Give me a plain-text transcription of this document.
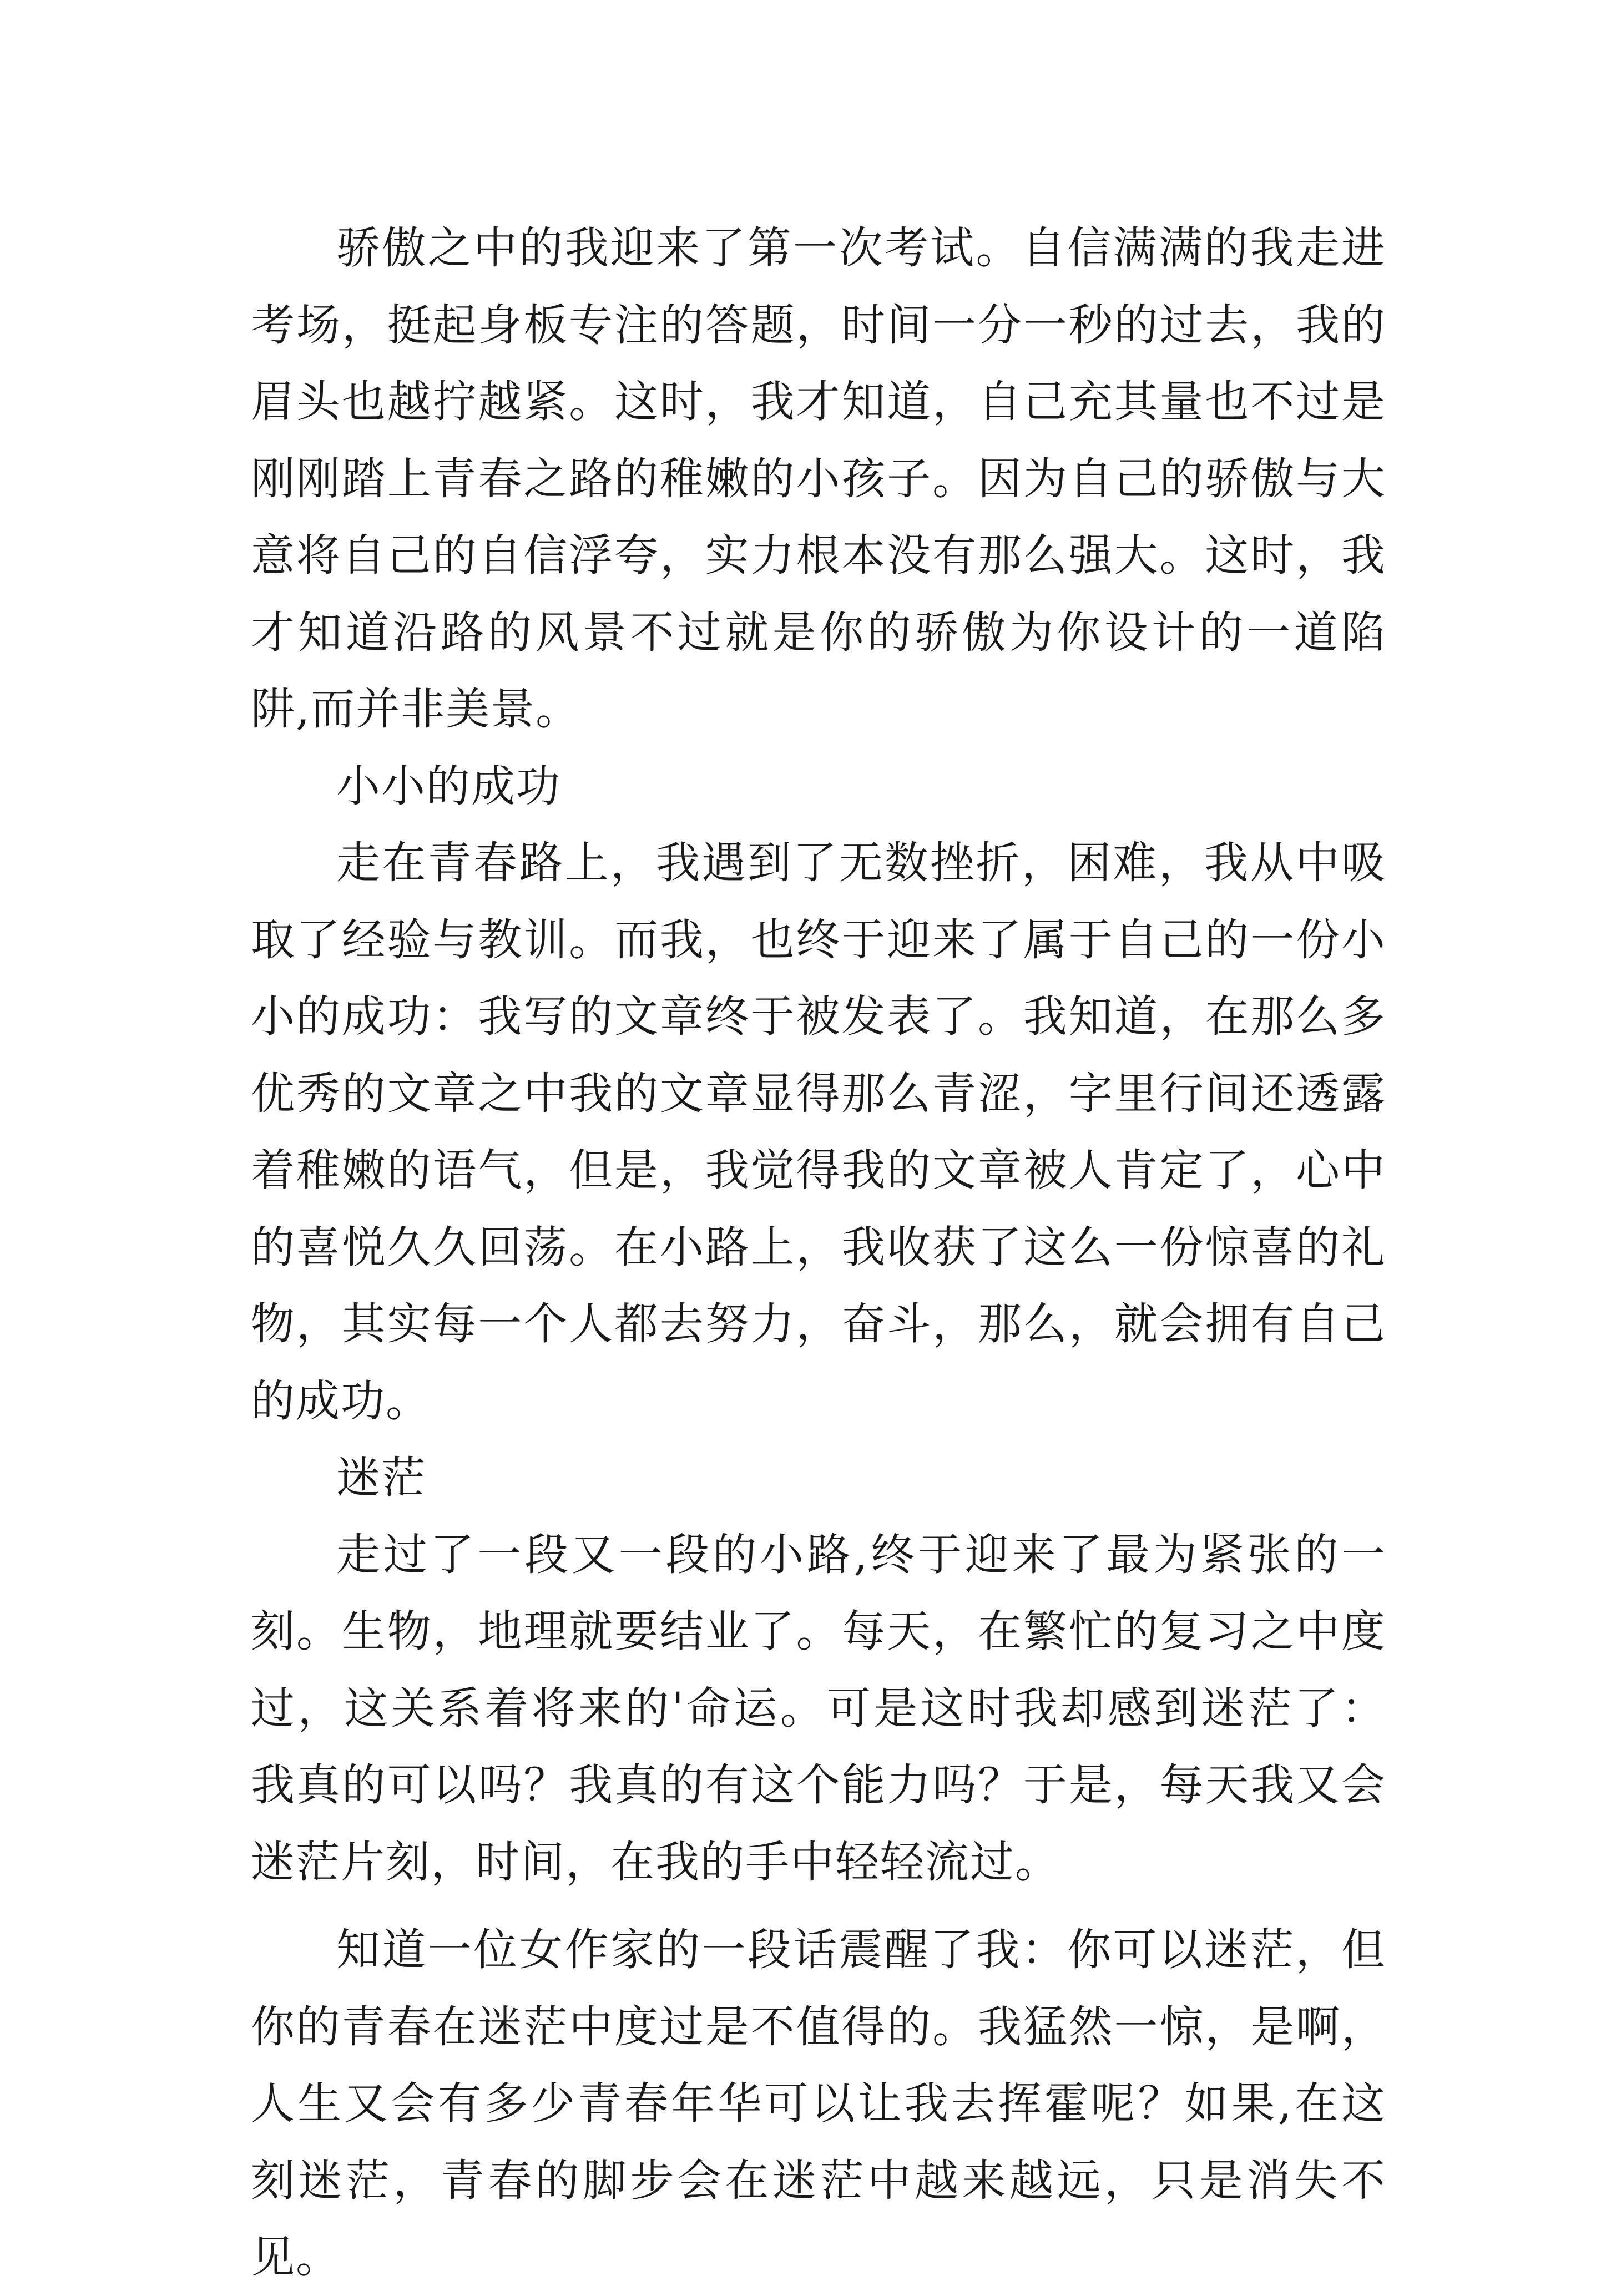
骄傲之中的我迎来了第一次考试。自信满满的我走进考场，挺起身板专注的答题，时间一分一秒的过去，我的眉头也越拧越紧。这时，我才知道，自己充其量也不过是刚刚踏上青春之路的稚嫩的小孩子。因为自己的骄傲与大意将自己的自信浮夸，实力根本没有那么强大。这时，我才知道沿路的风景不过就是你的骄傲为你设计的一道陷阱,而并非美景。

小小的成功

走在青春路上，我遇到了无数挫折，困难，我从中吸取了经验与教训。而我，也终于迎来了属于自己的一份小小的成功：我写的文章终于被发表了。我知道，在那么多优秀的文章之中我的文章显得那么青涩，字里行间还透露着稚嫩的语气，但是，我觉得我的文章被人肯定了，心中的喜悦久久回荡。在小路上，我收获了这么一份惊喜的礼物，其实每一个人都去努力，奋斗，那么，就会拥有自己的成功。

迷茫

走过了一段又一段的小路,终于迎来了最为紧张的一刻。生物，地理就要结业了。每天，在繁忙的复习之中度过，这关系着将来的'命运。可是这时我却感到迷茫了：我真的可以吗？我真的有这个能力吗？于是，每天我又会迷茫片刻，时间，在我的手中轻轻流过。

知道一位女作家的一段话震醒了我：你可以迷茫，但你的青春在迷茫中度过是不值得的。我猛然一惊，是啊，人生又会有多少青春年华可以让我去挥霍呢？如果,在这刻迷茫，青春的脚步会在迷茫中越来越远，只是消失不见。
